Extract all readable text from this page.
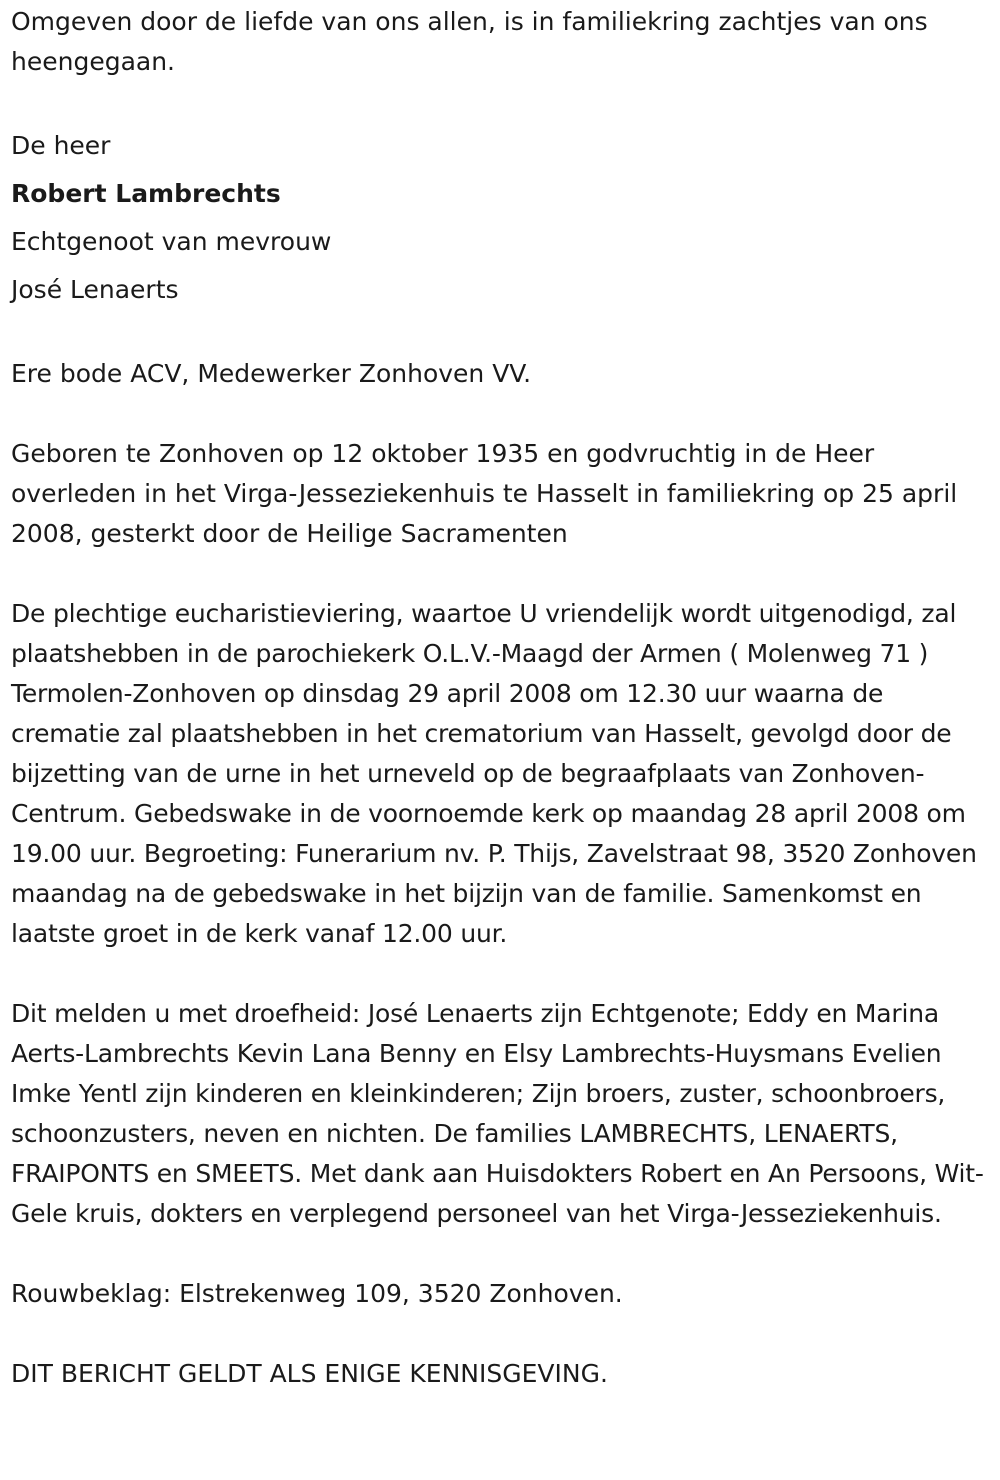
Omgeven door de liefde van ons allen, is in familiekring zachtjes van ons heengegaan.

De heer

Robert Lambrechts

Echtgenoot van mevrouw

José Lenaerts

Ere bode ACV, Medewerker Zonhoven VV.

Geboren te Zonhoven op 12 oktober 1935 en godvruchtig in de Heer overleden in het Virga-Jesseziekenhuis te Hasselt in familiekring op 25 april 2008, gesterkt door de Heilige Sacramenten

De plechtige eucharistieviering, waartoe U vriendelijk wordt uitgenodigd, zal plaatshebben in de parochiekerk O.L.V.-Maagd der Armen ( Molenweg 71 ) Termolen-Zonhoven op dinsdag 29 april 2008 om 12.30 uur waarna de crematie zal plaatshebben in het crematorium van Hasselt, gevolgd door de bijzetting van de urne in het urneveld op de begraafplaats van Zonhoven-Centrum. Gebedswake in de voornoemde kerk op maandag 28 april 2008 om 19.00 uur. Begroeting: Funerarium nv. P. Thijs, Zavelstraat 98, 3520 Zonhoven maandag na de gebedswake in het bijzijn van de familie. Samenkomst en laatste groet in de kerk vanaf 12.00 uur.

Dit melden u met droefheid: José Lenaerts zijn Echtgenote; Eddy en Marina Aerts-Lambrechts Kevin Lana Benny en Elsy Lambrechts-Huysmans Evelien Imke Yentl zijn kinderen en kleinkinderen; Zijn broers, zuster, schoonbroers, schoonzusters, neven en nichten. De families LAMBRECHTS, LENAERTS, FRAIPONTS en SMEETS. Met dank aan Huisdokters Robert en An Persoons, Wit-Gele kruis, dokters en verplegend personeel van het Virga-Jesseziekenhuis.

Rouwbeklag: Elstrekenweg 109, 3520 Zonhoven.

DIT BERICHT GELDT ALS ENIGE KENNISGEVING.
